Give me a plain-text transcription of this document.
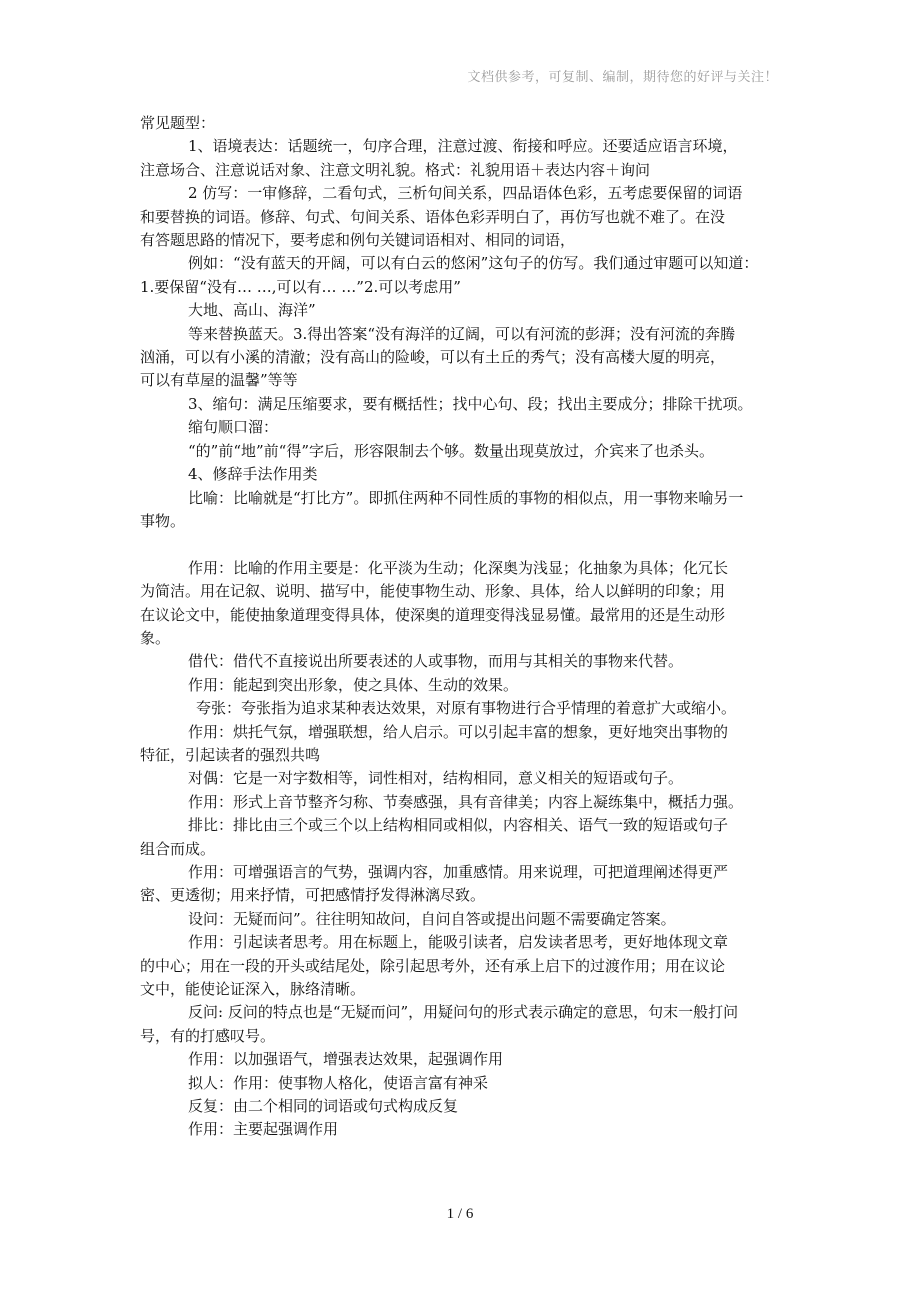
文档供参考，可复制、编制，期待您的好评与关注！

常见题型：

1、语境表达：话题统一，句序合理，注意过渡、衔接和呼应。还要适应语言环境，

注意场合、注意说话对象、注意文明礼貌。格式：礼貌用语＋表达内容＋询问

2 仿写：一审修辞，二看句式，三析句间关系，四品语体色彩，五考虑要保留的词语

和要替换的词语。修辞、句式、句间关系、语体色彩弄明白了，再仿写也就不难了。在没

有答题思路的情况下，要考虑和例句关键词语相对、相同的词语，

例如：“没有蓝天的开阔，可以有白云的悠闲”这句子的仿写。我们通过审题可以知道：

1.要保留“没有… …,可以有… …”2.可以考虑用”

大地、高山、海洋”

等来替换蓝天。3.得出答案“没有海洋的辽阔，可以有河流的彭湃；没有河流的奔腾

汹涌，可以有小溪的清澈；没有高山的险峻，可以有土丘的秀气；没有高楼大厦的明亮，

可以有草屋的温馨”等等

3、缩句：满足压缩要求，要有概括性；找中心句、段；找出主要成分；排除干扰项。

缩句顺口溜：

“的”前“地”前“得”字后，形容限制去个够。数量出现莫放过，介宾来了也杀头。

4、修辞手法作用类

比喻：比喻就是“打比方”。即抓住两种不同性质的事物的相似点，用一事物来喻另一

事物。

作用：比喻的作用主要是：化平淡为生动；化深奥为浅显；化抽象为具体；化冗长

为简洁。用在记叙、说明、描写中，能使事物生动、形象、具体，给人以鲜明的印象；用

在议论文中，能使抽象道理变得具体，使深奥的道理变得浅显易懂。最常用的还是生动形

象。

借代：借代不直接说出所要表述的人或事物，而用与其相关的事物来代替。

作用：能起到突出形象，使之具体、生动的效果。

夸张：夸张指为追求某种表达效果，对原有事物进行合乎情理的着意扩大或缩小。

作用：烘托气氛，增强联想，给人启示。可以引起丰富的想象，更好地突出事物的

特征，引起读者的强烈共鸣

对偶：它是一对字数相等，词性相对，结构相同，意义相关的短语或句子。

作用：形式上音节整齐匀称、节奏感强，具有音律美；内容上凝练集中，概括力强。

排比：排比由三个或三个以上结构相同或相似，内容相关、语气一致的短语或句子

组合而成。

作用：可增强语言的气势，强调内容，加重感情。用来说理，可把道理阐述得更严

密、更透彻；用来抒情，可把感情抒发得淋漓尽致。

设问：无疑而问”。往往明知故问，自问自答或提出问题不需要确定答案。

作用：引起读者思考。用在标题上，能吸引读者，启发读者思考，更好地体现文章

的中心；用在一段的开头或结尾处，除引起思考外，还有承上启下的过渡作用；用在议论

文中，能使论证深入，脉络清晰。

反问: 反问的特点也是“无疑而问”，用疑问句的形式表示确定的意思，句末一般打问

号，有的打感叹号。

作用：以加强语气，增强表达效果，起强调作用

拟人：作用：使事物人格化，使语言富有神采

反复：由二个相同的词语或句式构成反复

作用：主要起强调作用

1 / 6
